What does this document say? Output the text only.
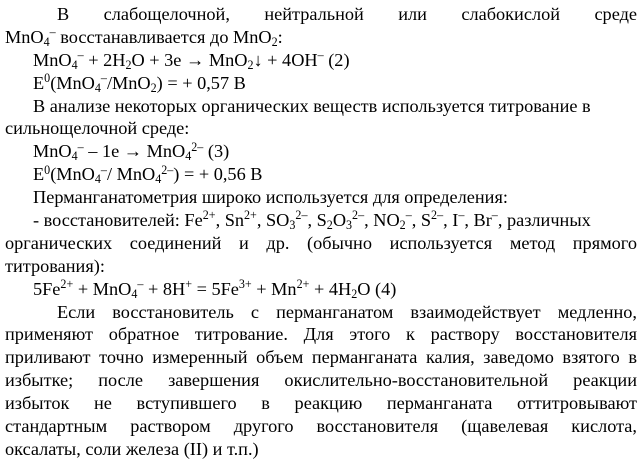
В    слабощелочной,    нейтральной    или    слабокислой    среде
MnO$_4$– восстанавливается до MnO$_2$:
$MnO_4^- + 2H_2O + 3e$ → MnO$_2$↓ + 4OH– (2)
$E^0(MnO_4^-/MnO_2)$ = + 0,57 В
В анализе некоторых органических веществ используется титрование в
сильнощелочной среде:
MnO$_4$– – 1e → MnO$_4^{2-}$ (3)
$E^0(MnO_4^-/$ MnO$_4^{2-}$) = + 0,56 В
Перманганатометрия широко используется для определения:
- восстановителей: $Fe^{2+}$, $Sn^{2+}$, $SO_3^{2-}$, $S_2O_3^{2-}$, $NO_2^-$, $S^{2-}$, I–, Br–, различных
органических соединений и др. (обычно используется метод прямого
титрования):
$5Fe^{2+} + MnO_4^- + 8H^+ = 5Fe^{3+} + Mn^{2+} + 4H_2O$ (4)
Если восстановитель с перманганатом взаимодействует медленно,
применяют обратное титрование. Для этого к раствору восстановителя
приливают точно измеренный объем перманганата калия, заведомо взятого в
избытке; после завершения окислительно-восстановительной реакции
избыток не вступившего в реакцию перманганата оттитровывают
стандартным раствором другого восстановителя (щавелевая кислота,
оксалаты, соли железа (II) и т.п.)
